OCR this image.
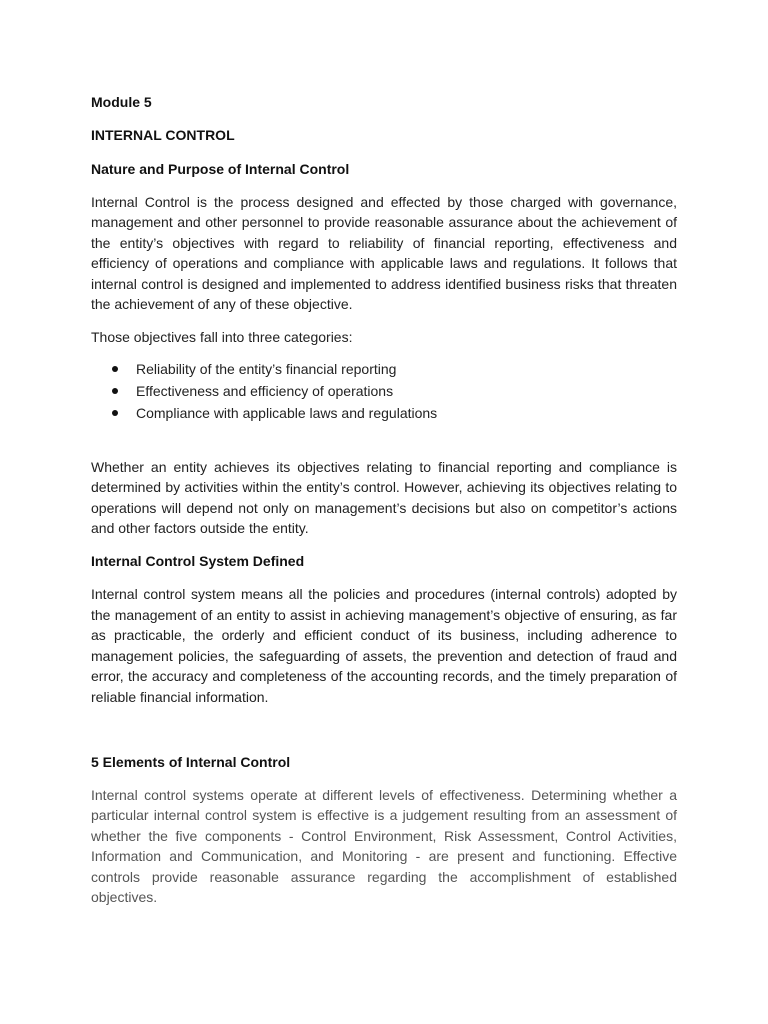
Module 5

INTERNAL CONTROL

Nature and Purpose of Internal Control

Internal Control is the process designed and effected by those charged with governance, management and other personnel to provide reasonable assurance about the achievement of the entity’s objectives with regard to reliability of financial reporting, effectiveness and efficiency of operations and compliance with applicable laws and regulations. It follows that internal control is designed and implemented to address identified business risks that threaten the achievement of any of these objective.

Those objectives fall into three categories:

Reliability of the entity’s financial reporting
Effectiveness and efficiency of operations
Compliance with applicable laws and regulations

Whether an entity achieves its objectives relating to financial reporting and compliance is determined by activities within the entity’s control. However, achieving its objectives relating to operations will depend not only on management’s decisions but also on competitor’s actions and other factors outside the entity.

Internal Control System Defined

Internal control system means all the policies and procedures (internal controls) adopted by the management of an entity to assist in achieving management’s objective of ensuring, as far as practicable, the orderly and efficient conduct of its business, including adherence to management policies, the safeguarding of assets, the prevention and detection of fraud and error, the accuracy and completeness of the accounting records, and the timely preparation of reliable financial information.

5 Elements of Internal Control

Internal control systems operate at different levels of effectiveness. Determining whether a particular internal control system is effective is a judgement resulting from an assessment of whether the five components - Control Environment, Risk Assessment, Control Activities, Information and Communication, and Monitoring - are present and functioning. Effective controls provide reasonable assurance regarding the accomplishment of established objectives.
